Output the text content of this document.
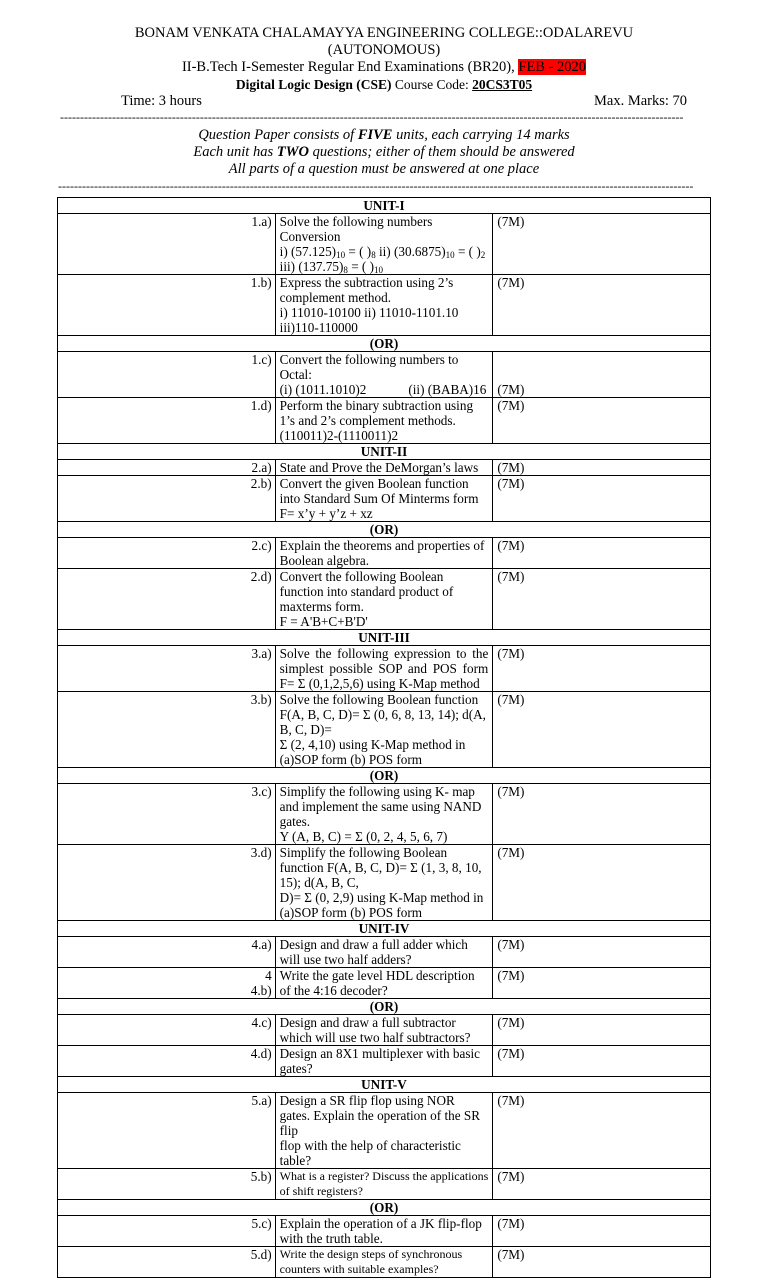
BONAM VENKATA CHALAMAYYA ENGINEERING COLLEGE::ODALAREVU
(AUTONOMOUS)
II-B.Tech I-Semester Regular End Examinations (BR20), FEB - 2020
Digital Logic Design (CSE) Course Code: 20CS3T05
Time: 3 hours	Max. Marks: 70
------------------------------------------------------------------------------------------------------------------------------------------------------------
Question Paper consists of FIVE units, each carrying 14 marks
Each unit has TWO questions; either of them should be answered
All parts of a question must be answered at one place
---------------------------------------------------------------------------------------------------------------------------------------------------------------
UNIT-I		
1.a)	Solve the following numbers Conversion
i) $(57.125)_{10}$ = ( )$_8$ ii) $(30.6875)_{10}$ = ( )$_2$ iii) $(137.75)_8$ = ( )$_{10}$	(7M)
1.b)	Express the subtraction using 2’s complement method.
i) 11010-10100 ii) 11010-1101.10 iii)110-110000	(7M)
(OR)		
1.c)	Convert the following numbers to Octal:
(i) (1011.1010)2 (ii) (BABA)16	(7M)
1.d)	Perform the binary subtraction using 1’s and 2’s complement methods.
(110011)2-(1110011)2	(7M)
UNIT-II		
2.a)	State and Prove the DeMorgan’s laws	(7M)
2.b)	Convert the given Boolean function into Standard Sum Of Minterms form
F= x’y + y’z + xz	(7M)
(OR)		
2.c)	Explain the theorems and properties of Boolean algebra.	(7M)
2.d)	Convert the following Boolean function into standard product of maxterms form.
F = A'B+C+B'D'	(7M)
UNIT-III		
3.a)	Solve the following expression to the simplest possible SOP and POS form
F= Σ (0,1,2,5,6) using K-Map method	(7M)
3.b)	Solve the following Boolean function F(A, B, C, D)= Σ (0, 6, 8, 13, 14); d(A, B, C, D)=
Σ (2, 4,10) using K-Map method in (a)SOP form (b) POS form	(7M)
(OR)		
3.c)	Simplify the following using K- map and implement the same using NAND gates.
Y (A, B, C) = Σ (0, 2, 4, 5, 6, 7)	(7M)
3.d)	Simplify the following Boolean function F(A, B, C, D)= Σ (1, 3, 8, 10, 15); d(A, B, C,
D)= Σ (0, 2,9) using K-Map method in (a)SOP form (b) POS form	(7M)
UNIT-IV		
4.a)	Design and draw a full adder which will use two half adders?	(7M)

4
4.b)	Write the gate level HDL description of the 4:16 decoder?	(7M)
(OR)		
4.c)	Design and draw a full subtractor which will use two half subtractors?	(7M)
4.d)	Design an 8X1 multiplexer with basic gates?	(7M)
UNIT-V		
5.a)	Design a SR flip flop using NOR gates. Explain the operation of the SR flip
flop with the help of characteristic table?	(7M)
5.b)	What is a register? Discuss the applications of shift registers?	(7M)
(OR)		
5.c)	Explain the operation of a JK flip-flop with the truth table.	(7M)
5.d)	Write the design steps of synchronous counters with suitable examples?	(7M)
